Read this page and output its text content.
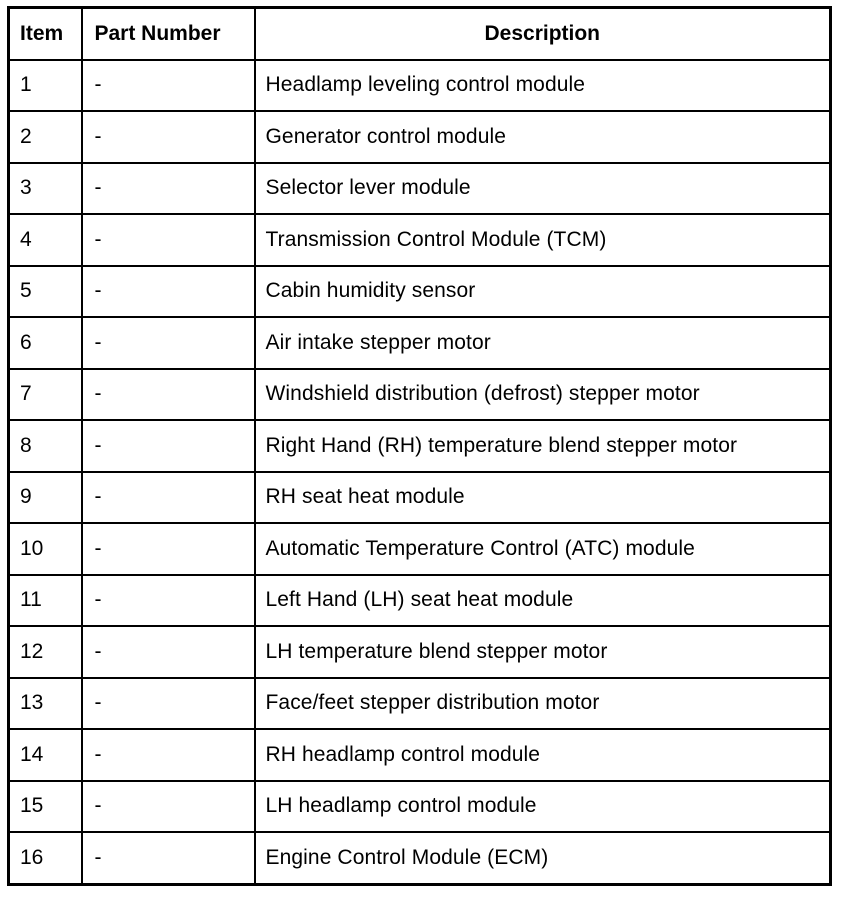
Item	Part Number	Description
1	-	Headlamp leveling control module
2	-	Generator control module
3	-	Selector lever module
4	-	Transmission Control Module (TCM)
5	-	Cabin humidity sensor
6	-	Air intake stepper motor
7	-	Windshield distribution (defrost) stepper motor
8	-	Right Hand (RH) temperature blend stepper motor
9	-	RH seat heat module
10	-	Automatic Temperature Control (ATC) module
11	-	Left Hand (LH) seat heat module
12	-	LH temperature blend stepper motor
13	-	Face/feet stepper distribution motor
14	-	RH headlamp control module
15	-	LH headlamp control module
16	-	Engine Control Module (ECM)
